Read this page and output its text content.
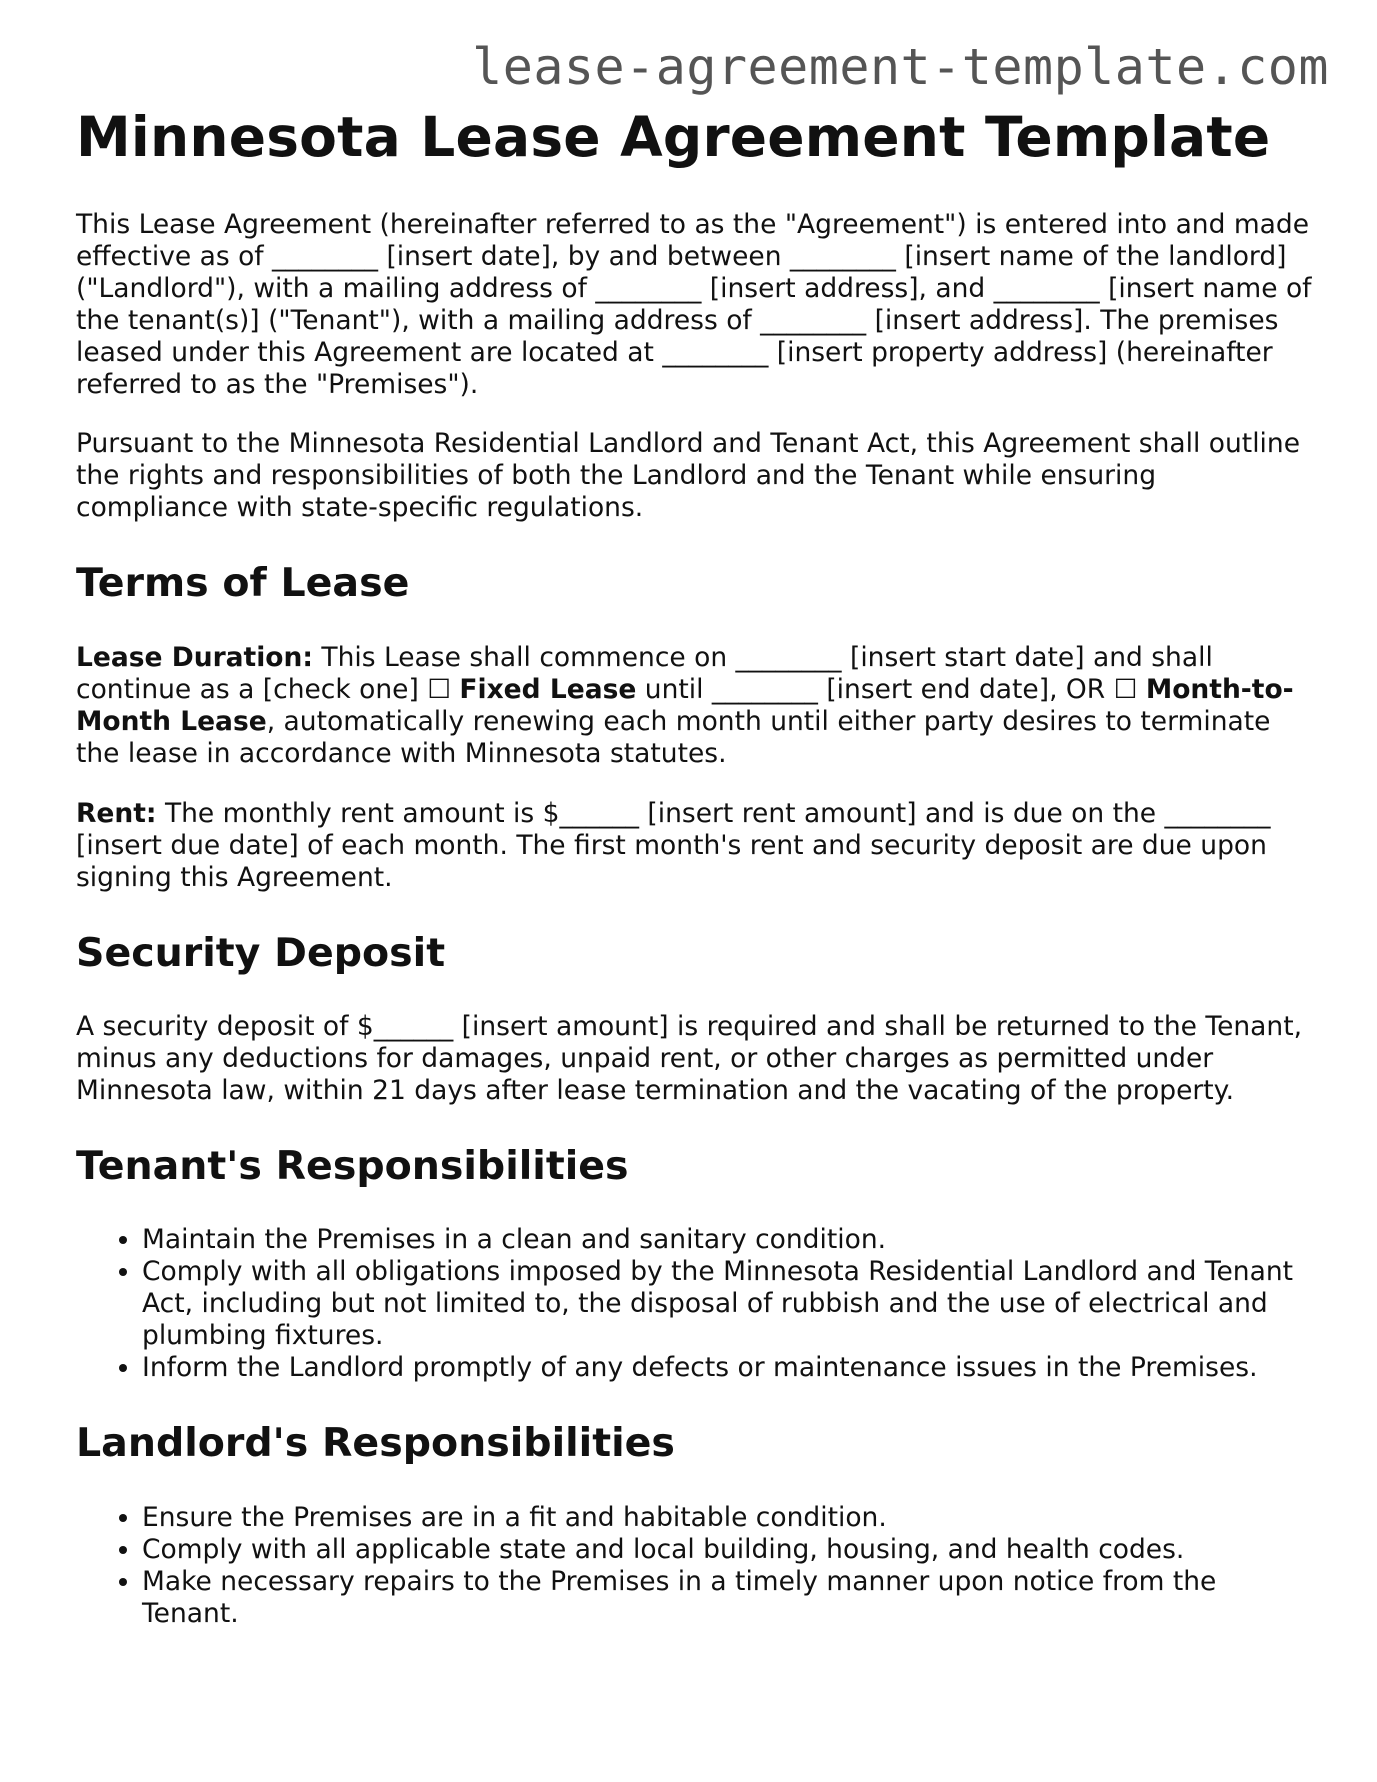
lease-agreement-template.com
Minnesota Lease Agreement Template

This Lease Agreement (hereinafter referred to as the "Agreement") is entered into and made effective as of ________ [insert date], by and between ________ [insert name of the landlord] ("Landlord"), with a mailing address of ________ [insert address], and ________ [insert name of the tenant(s)] ("Tenant"), with a mailing address of ________ [insert address]. The premises leased under this Agreement are located at ________ [insert property address] (hereinafter referred to as the "Premises").

Pursuant to the Minnesota Residential Landlord and Tenant Act, this Agreement shall outline the rights and responsibilities of both the Landlord and the Tenant while ensuring compliance with state-specific regulations.

Terms of Lease

Lease Duration: This Lease shall commence on ________ [insert start date] and shall continue as a [check one] ☐ Fixed Lease until ________ [insert end date], OR ☐ Month-to-Month Lease, automatically renewing each month until either party desires to terminate the lease in accordance with Minnesota statutes.

Rent: The monthly rent amount is $______ [insert rent amount] and is due on the ________ [insert due date] of each month. The first month's rent and security deposit are due upon signing this Agreement.

Security Deposit

A security deposit of $______ [insert amount] is required and shall be returned to the Tenant, minus any deductions for damages, unpaid rent, or other charges as permitted under Minnesota law, within 21 days after lease termination and the vacating of the property.

Tenant's Responsibilities
• Maintain the Premises in a clean and sanitary condition.
• Comply with all obligations imposed by the Minnesota Residential Landlord and Tenant Act, including but not limited to, the disposal of rubbish and the use of electrical and plumbing fixtures.
• Inform the Landlord promptly of any defects or maintenance issues in the Premises.
Landlord's Responsibilities
• Ensure the Premises are in a fit and habitable condition.
• Comply with all applicable state and local building, housing, and health codes.
• Make necessary repairs to the Premises in a timely manner upon notice from the Tenant.
